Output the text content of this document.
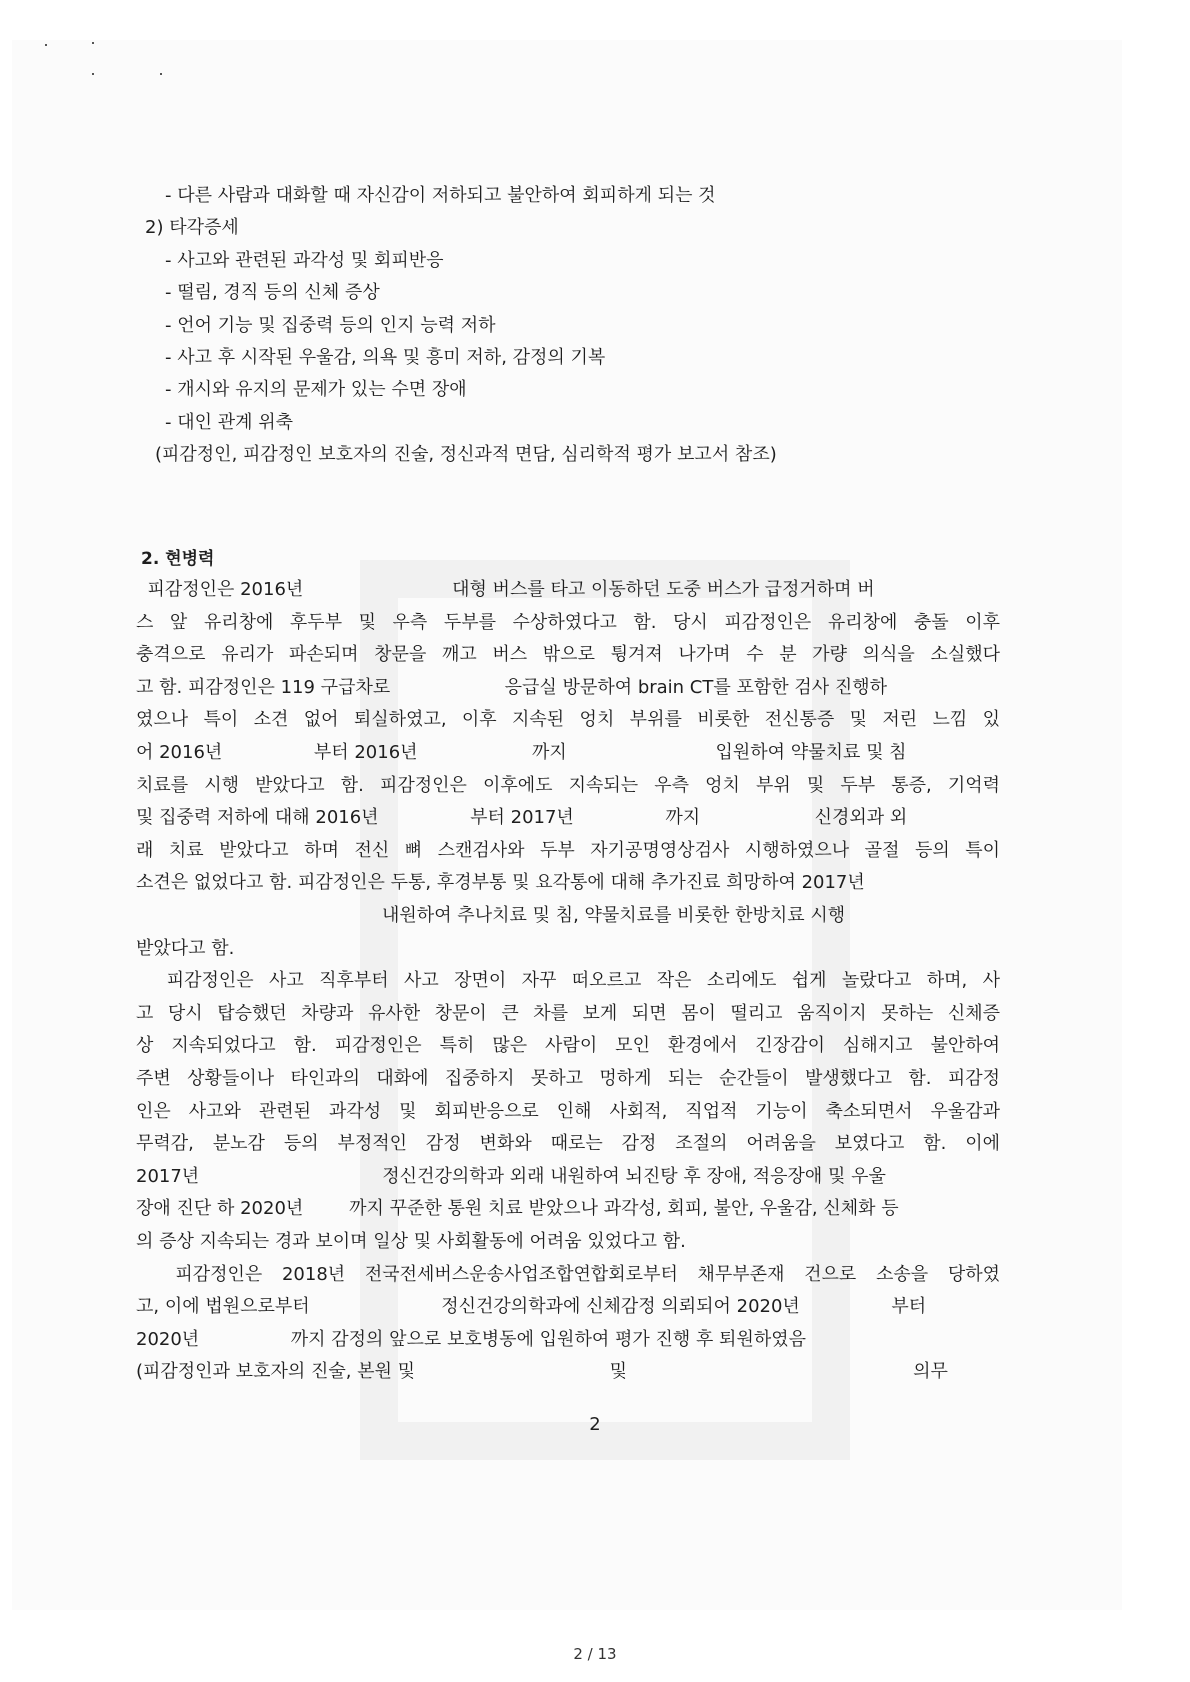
- 다른 사람과 대화할 때 자신감이 저하되고 불안하여 회피하게 되는 것
2) 타각증세
- 사고와 관련된 과각성 및 회피반응
- 떨림, 경직 등의 신체 증상
- 언어 기능 및 집중력 등의 인지 능력 저하
- 사고 후 시작된 우울감, 의욕 및 흥미 저하, 감정의 기복
- 개시와 유지의 문제가 있는 수면 장애
- 대인 관계 위축
(피감정인, 피감정인 보호자의 진술, 정신과적 면담, 심리학적 평가 보고서 참조)
2. 현병력
피감정인은 2016년                          대형 버스를 타고 이동하던 도중 버스가 급정거하며 버
스 앞 유리창에 후두부 및 우측 두부를 수상하였다고 함. 당시 피감정인은 유리창에 충돌 이후
충격으로 유리가 파손되며 창문을 깨고 버스 밖으로 튕겨져 나가며 수 분 가량 의식을 소실했다
고 함. 피감정인은 119 구급차로                    응급실 방문하여 brain CT를 포함한 검사 진행하
였으나 특이 소견 없어 퇴실하였고, 이후 지속된 엉치 부위를 비롯한 전신통증 및 저린 느낌 있
어 2016년                부터 2016년                    까지                          입원하여 약물치료 및 침
치료를 시행 받았다고 함. 피감정인은 이후에도 지속되는 우측 엉치 부위 및 두부 통증, 기억력
및 집중력 저하에 대해 2016년                부터 2017년                까지                    신경외과 외
래 치료 받았다고 하며 전신 뼈 스캔검사와 두부 자기공명영상검사 시행하였으나 골절 등의 특이
소견은 없었다고 함. 피감정인은 두통, 후경부통 및 요각통에 대해 추가진료 희망하여 2017년
내원하여 추나치료 및 침, 약물치료를 비롯한 한방치료 시행
받았다고 함.
피감정인은 사고 직후부터 사고 장면이 자꾸 떠오르고 작은 소리에도 쉽게 놀랐다고 하며, 사
고 당시 탑승했던 차량과 유사한 창문이 큰 차를 보게 되면 몸이 떨리고 움직이지 못하는 신체증
상 지속되었다고 함. 피감정인은 특히 많은 사람이 모인 환경에서 긴장감이 심해지고 불안하여
주변 상황들이나 타인과의 대화에 집중하지 못하고 멍하게 되는 순간들이 발생했다고 함. 피감정
인은 사고와 관련된 과각성 및 회피반응으로 인해 사회적, 직업적 기능이 축소되면서 우울감과
무력감, 분노감 등의 부정적인 감정 변화와 때로는 감정 조절의 어려움을 보였다고 함. 이에
2017년                                정신건강의학과 외래 내원하여 뇌진탕 후 장애, 적응장애 및 우울
장애 진단 하 2020년        까지 꾸준한 통원 치료 받았으나 과각성, 회피, 불안, 우울감, 신체화 등
의 증상 지속되는 경과 보이며 일상 및 사회활동에 어려움 있었다고 함.
피감정인은 2018년 전국전세버스운송사업조합연합회로부터 채무부존재 건으로 소송을 당하였
고, 이에 법원으로부터                       정신건강의학과에 신체감정 의뢰되어 2020년                부터
2020년                까지 감정의 앞으로 보호병동에 입원하여 평가 진행 후 퇴원하였음
(피감정인과 보호자의 진술, 본원 및                                  및                                                  의무
2
2 / 13
